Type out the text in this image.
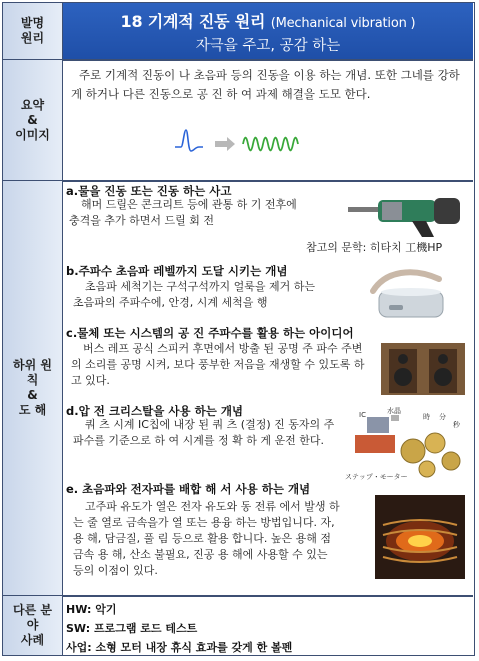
발명
원리
18 기계적 진동 원리 (Mechanical vibration )
자극을 주고, 공감 하는
요약
&
이미지
주로 기계적 진동이 나 초음파 등의 진동을 이용 하는 개념. 또한 그네를 강하게 하거나 다른 진동으로 공 진 하 여 과제 해결을 도모 한다.
하위 원
칙
&
도 해
a.물을 진동 또는 진동 하는 사고
해머 드릴은 콘크리트 등에 관통 하 기 전후에 충격을 추가 하면서 드릴 회 전
참고의 문학: 히타치 工機HP
b.주파수 초음파 레벨까지 도달 시키는 개념
초음파 세척기는 구석구석까지 얼룩을 제거 하는 초음파의 주파수에, 안경, 시계 세척을 행
c.물체 또는 시스템의 공 진 주파수를 활용 하는 아이디어
버스 레프 공식 스피커 후면에서 방출 된 공명 주 파수 주변의 소리를 공명 시켜, 보다 풍부한 저음을 재생할 수 있도록 하 고 있다.
d.압 전 크리스탈을 사용 하는 개념
쿼 츠 시계 IC칩에 내장 된 쿼 츠 (결정) 진 동자의 주파수를 기준으로 하 여 시계를 정 확 하 게 운전 한다.
IC	水晶
時 分
秒
ステップ・モーター
e. 초음파와 전자파를 배합 해 서 사용 하는 개념
고주파 유도가 열은 전자 유도와 동 전류 에서 발생 하는 줄 열로 금속을가 열 또는 용융 하는 방법입니다. 자, 용 해, 담금질, 풀 림 등으로 활용 합니다. 높은 용해 점 금속 용 해, 산소 불필요, 진공 용 해에 사용할 수 있는 등의 이점이 있다.
다른 분
야
사례
HW: 악기
SW: 프로그램 로드 테스트
사업: 소형 모터 내장 휴식 효과를 갖게 한 볼펜
